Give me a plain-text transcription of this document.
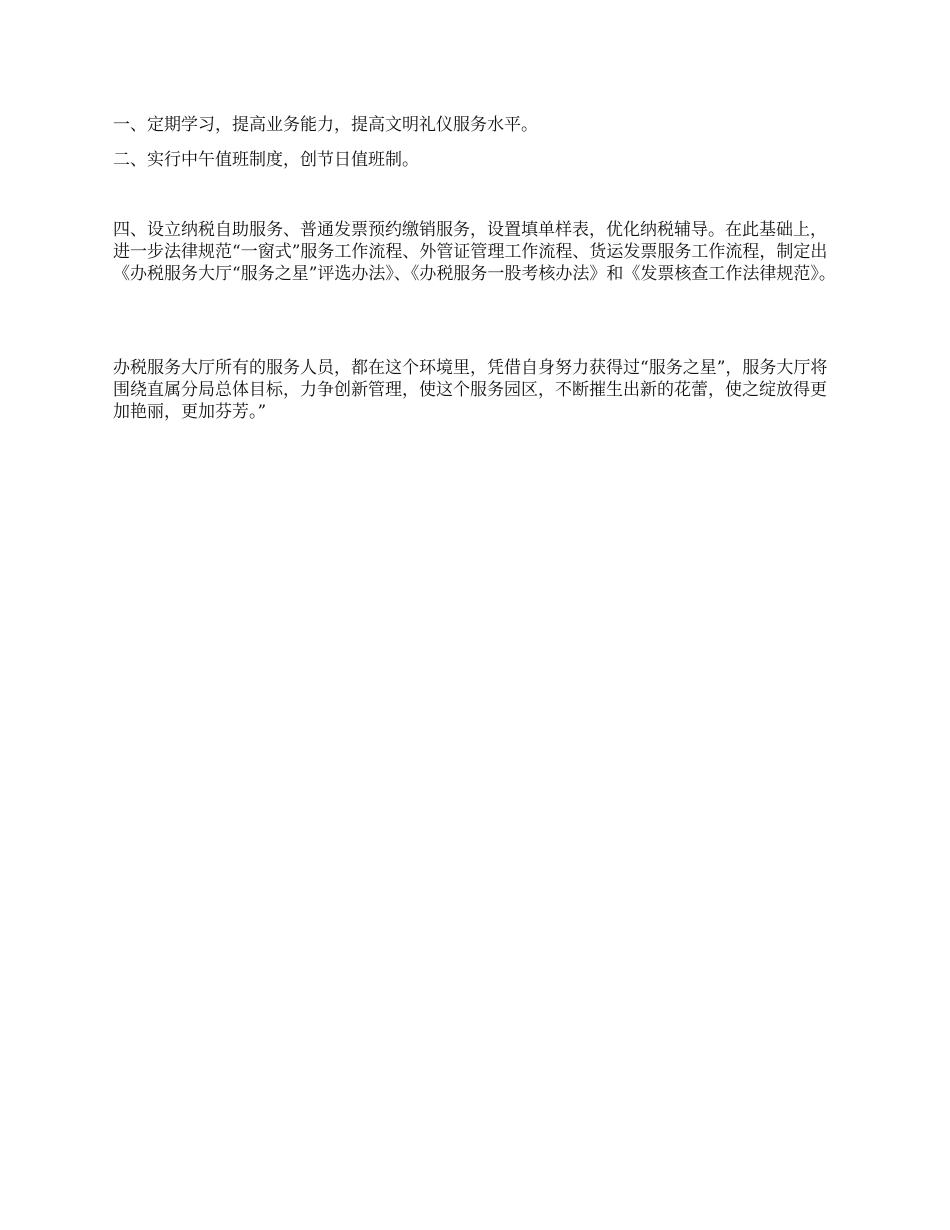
一、定期学习，提高业务能力，提高文明礼仪服务水平。

二、实行中午值班制度，创节日值班制。

四、设立纳税自助服务、普通发票预约缴销服务，设置填单样表，优化纳税辅导。在此基础上，进一步法律规范“一窗式”服务工作流程、外管证管理工作流程、货运发票服务工作流程，制定出《办税服务大厅“服务之星”评选办法》、《办税服务一股考核办法》和《发票核查工作法律规范》。

办税服务大厅所有的服务人员，都在这个环境里，凭借自身努力获得过“服务之星”，服务大厅将围绕直属分局总体目标，力争创新管理，使这个服务园区，不断摧生出新的花蕾，使之绽放得更加艳丽，更加芬芳。”
